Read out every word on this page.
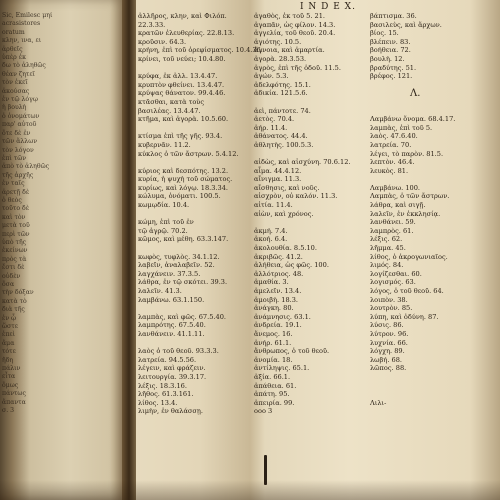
Sic, Emilesc μηί
acrasistores
oratum
κλην, ινα, ει
ἀρθεῖς
ὑπὲρ ἐκ
δω τὸ ἀληθῶς
θέαν ζητεῖ
τὸν ἐκεῖ
ἀκούσας
ἐν τῷ λόγῳ
ἡ βουλὴ
ὁ ὀνομάτων
παρ' αὐτοῦ
ὅτε δὲ ἐν
τῶν ἄλλων
τὸν λόγον
ἐπὶ τῶν
ἀπὸ τὸ ἀληθῶς
τῆς ἀρχῆς
ἐν ταῖς
ἀρετῇ δὲ
ὁ θεὸς
τοῦτο δὲ
καὶ τὸν
μετὰ τοῦ
περὶ τῶν
ὑπὸ τῆς
ἐκείνων
πρὸς τὰ
ἔστι δὲ
οὐδὲν
ὅσα
τὴν δόξαν
κατὰ τὸ
διὰ τῆς
ἐν ᾧ
ὥστε
ἐπεὶ
ἅμα
τότε
ἤδη
πάλιν
εἶτα
ὅμως
πάντως
ἅπαντα
σ. 3
I N D E X.
ἀλλῆρος, κλην, καὶ Φιλόπ.
22.3.33.
κρατῶν ἐλευθερίας. 22.8.13.
κροῦσιν. 64.3.
κρήνη, ἐπὶ τοῦ ὀρεφίσματος. 10.4.36.
κρίνει, τοῦ νεύει; 10.4.80.

κρύφα, ἐκ ἀλλ. 13.4.47.
κρυπτὸν φθείνει. 13.4.47.
κρύψας θάνατον. 99.4.46.
κτᾶσθαι, κατὰ τοὺς
βασιλέας. 13.4.47.
κτῆμα, καὶ ἀγορὰ. 10.5.60.

κτίσμα ἐπὶ τῆς γῆς. 93.4.
κυβερνᾶν. 11.2.
κύκλος ὁ τῶν ἄστρων. 5.4.12.

κύριος καὶ δεσπότης. 13.2.
κυρία, ἡ ψυχὴ τοῦ σώματος.
κυρίως, καὶ λόγῳ. 18.3.34.
κώλυμα, ὀνόματι. 100.5.
κωμῳδία. 10.4.

κώμη, ἐπὶ τοῦ ἐν
τῷ ἀγρῷ. 70.2.
κῶμος, καὶ μέθη. 63.3.147.

κωφὸς, τυφλὸς. 34.1.12.
λαβεῖν, ἀναλαβεῖν. 52.
λαγχάνειν. 37.3.5.
λάθρα, ἐν τῷ σκότει. 39.3.
λαλεῖν. 41.3.
λαμβάνω. 63.1.150.

λαμπὰς, καὶ φῶς. 67.5.40.
λαμπρότης. 67.5.40.
λανθάνειν. 41.1.11.

λαὸς ὁ τοῦ θεοῦ. 93.3.3.
λατρεία. 94.5.56.
λέγειν, καὶ φράζειν.
λειτουργία. 39.3.17.
λέξις. 18.3.16.
λῆθος. 61.3.161.
λίθος. 13.4.
λιμὴν, ἐν θαλάσσῃ.
ἀγαθὸς, ἐκ τοῦ 5. 21.
ἀγαπᾶν, ὡς φίλον. 14.3.
ἀγγελία, τοῦ θεοῦ. 20.4.
ἁγιότης. 10.5.
ἄγνοια, καὶ ἁμαρτία.
ἀγορὰ. 28.3.53.
ἀγρὸς, ἐπὶ τῆς ὁδοῦ. 11.5.
ἀγών. 5.3.
ἀδελφότης. 15.1.
ἀδικία. 121.5.6.

ἀεὶ, πάντοτε. 74.
ἀετὸς. 70.4.
ἀήρ. 11.4.
ἀθάνατος. 44.4.
ἀθλητὴς. 100.5.3.

αἰδὼς, καὶ αἰσχύνη. 70.6.12.
αἷμα. 44.4.12.
αἴνιγμα. 11.3.
αἴσθησις, καὶ νοῦς.
αἰσχρὸν, οὐ καλόν. 11.3.
αἰτία. 11.4.
αἰὼν, καὶ χρόνος.

ἀκμή. 7.4.
ἀκοή. 6.4.
ἀκολουθία. 8.5.10.
ἀκριβῶς. 41.2.
ἀλήθεια, ὡς φῶς. 100.
ἀλλότριος. 48.
ἀμαθία. 3.
ἀμελεῖν. 13.4.
ἀμοιβὴ. 18.3.
ἀνάγκη. 80.
ἀνάμνησις. 63.1.
ἀνδρεία. 19.1.
ἄνεμος. 16.
ἀνήρ. 61.1.
ἄνθρωπος, ὁ τοῦ θεοῦ.
ἀνομία. 18.
ἀντίληψις. 65.1.
ἀξία. 66.1.
ἀπάθεια. 61.
ἀπάτη. 95.
ἀπειρία. 99.
ooo 3
βάπτισμα. 36.
βασιλεὺς, καὶ ἄρχων.
βίος. 15.
βλέπειν. 83.
βοήθεια. 72.
βουλὴ. 12.
βραδύτης. 51.
βρέφος. 121.

Λαμβάνω ὄνομα. 68.4.17.
λαμπὰς, ἐπὶ τοῦ 5.
λαὸς. 47.6.40.
λατρεία. 70.
λέγει, τὸ παρὸν. 81.5.
λεπτὸν. 46.4.
λευκὸς. 81.

Λαμβάνω. 100.
Λαμπὰς, ὁ τῶν ἄστρων.
λάθρα, καὶ σιγῇ.
λαλεῖν, ἐν ἐκκλησίᾳ.
λανθάνει. 59.
λαμπρὸς. 61.
λέξις. 62.
λῆμμα. 45.
λίθος, ὁ ἀκρογωνιαῖος.
λιμός. 84.
λογίζεσθαι. 60.
λογισμός. 63.
λόγος, ὁ τοῦ θεοῦ. 64.
λοιπὸν. 38.
λουτρὸν. 85.
λύπη, καὶ ὀδύνη. 87.
λύσις. 86.
λύτρον. 96.
λυχνία. 66.
λόγχη. 89.
λωβή. 68.
λῶπος. 88.

Λιλι-
Λ.
